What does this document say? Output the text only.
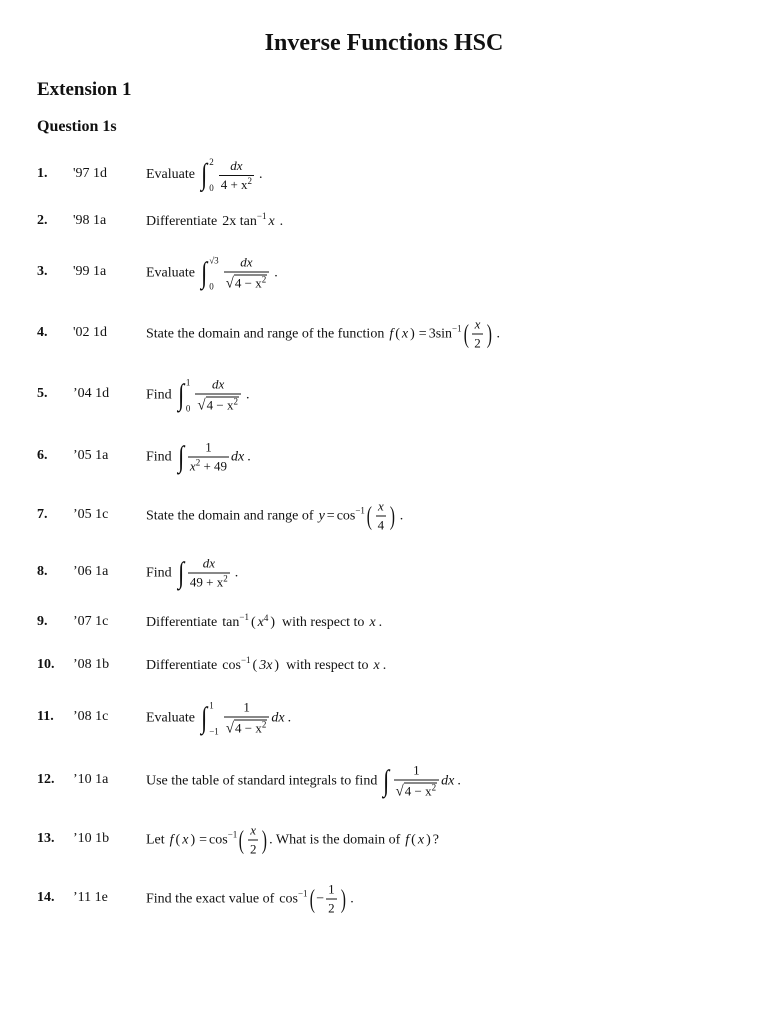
Inverse Functions HSC
Extension 1
Question 1s
1. '97 1d	Evaluate ∫ 2
$0 \frac{dx}{4 + x^2}$ .
2. '98 1a	Differentiate 2x tan −1 x .
3. '99 1a	Evaluate ∫ √3
$0 \frac{dx}{√ 4 - x^2}$ .
4. '02 1d	State the domain and range of the function f ( x ) = 3sin −1 ( $\frac{x}{2}$ ) .
5. ’04 1d	Find ∫ 1
$0 \frac{dx}{√ 4 - x^2}$ .
6. ’05 1a	Find ∫ $\frac{1}{x^2 + 49}$ dx .
7. ’05 1c	State the domain and range of y = cos −1 ( $\frac{x}{4}$ ) .
8. ’06 1a	Find ∫ $\frac{dx}{49 + x^2}$ .
9. ’07 1c	Differentiate tan −1 ( x 4 ) with respect to x .
10. ’08 1b	Differentiate cos −1 ( 3x ) with respect to x .
11. ’08 1c	Evaluate ∫ 1
$-1 \frac{1}{√ 4 - x^2}$ dx .
12. ’10 1a	Use the table of standard integrals to find ∫ $\frac{1}{√ 4 - x^2}$ dx .
13. ’10 1b	Let f ( x ) = cos −1 ( $\frac{x}{2}$ ) . What is the domain of f ( x ) ?
14. ’11 1e	Find the exact value of cos −1 ( − $\frac{1}{2}$ ) .
